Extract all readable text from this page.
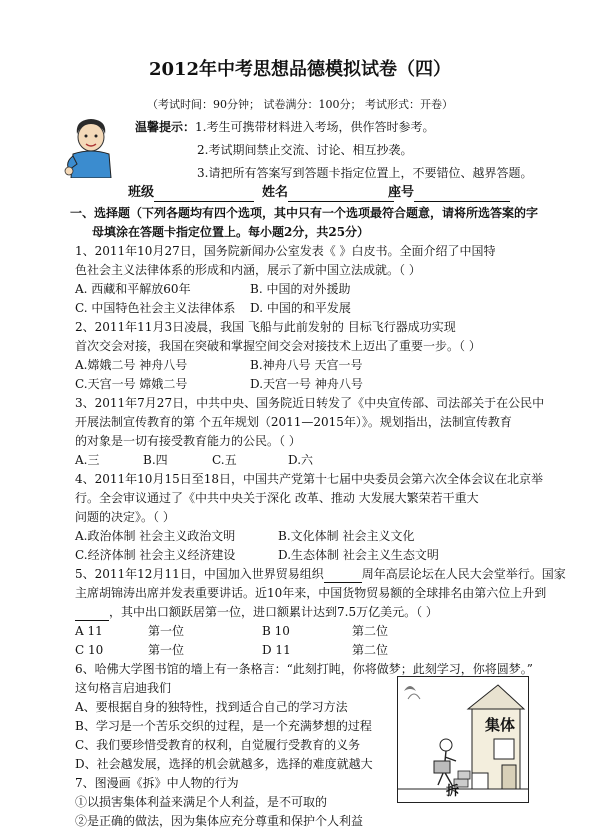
2012年中考思想品德模拟试卷（四）
（考试时间：90分钟； 试卷满分：100分； 考试形式：开卷）
温馨提示：1.考生可携带材料进入考场，供作答时参考。
2.考试期间禁止交流、讨论、相互抄袭。
3.请把所有答案写到答题卡指定位置上，不要错位、越界答题。
班级	姓名	座号
一、选择题（下列各题均有四个选项，其中只有一个选项最符合题意，请将所选答案的字
母填涂在答题卡指定位置上。每小题2分，共25分）
1、2011年10月27日，国务院新闻办公室发表《 》白皮书。全面介绍了中国特
色社会主义法律体系的形成和内涵，展示了新中国立法成就。（ ）
A. 西藏和平解放60年	B. 中国的对外援助
C. 中国特色社会主义法律体系 D. 中国的和平发展
2、2011年11月3日凌晨，我国 飞船与此前发射的 目标飞行器成功实现
首次交会对接，我国在突破和掌握空间交会对接技术上迈出了重要一步。（ ）
A.嫦娥二号 神舟八号	B.神舟八号 天宫一号
C.天宫一号 嫦娥二号	D.天宫一号 神舟八号
3、2011年7月27日，中共中央、国务院近日转发了《中央宣传部、司法部关于在公民中
开展法制宣传教育的第 个五年规划（2011—2015年）》。规划指出，法制宣传教育
的对象是一切有接受教育能力的公民。（ ）
A.三	B.四	C.五	D.六
4、2011年10月15日至18日，中国共产党第十七届中央委员会第六次全体会议在北京举
行。全会审议通过了《中共中央关于深化 改革、推动 大发展大繁荣若干重大
问题的决定》。（ ）
A.政治体制 社会主义政治文明	B.文化体制 社会主义文化
C.经济体制 社会主义经济建设	D.生态体制 社会主义生态文明
5、2011年12月11日，中国加入世界贸易组织	周年高层论坛在人民大会堂举行。国家
主席胡锦涛出席并发表重要讲话。近10年来，中国货物贸易额的全球排名由第六位上升到
，其中出口额跃居第一位，进口额累计达到7.5万亿美元。（ ）
A 11	第一位	B 10	第二位
C 10	第一位	D 11	第二位
6、哈佛大学图书馆的墙上有一条格言：“此刻打盹，你将做梦；此刻学习，你将圆梦。”
这句格言启迪我们
A、要根据自身的独特性，找到适合自己的学习方法
B、学习是一个苦乐交织的过程，是一个充满梦想的过程
C、我们要珍惜受教育的权利，自觉履行受教育的义务
D、社会越发展，选择的机会就越多，选择的难度就越大
7、图漫画《拆》中人物的行为
①以损害集体利益来满足个人利益，是不可取的
②是正确的做法，因为集体应充分尊重和保护个人利益
集体
拆
